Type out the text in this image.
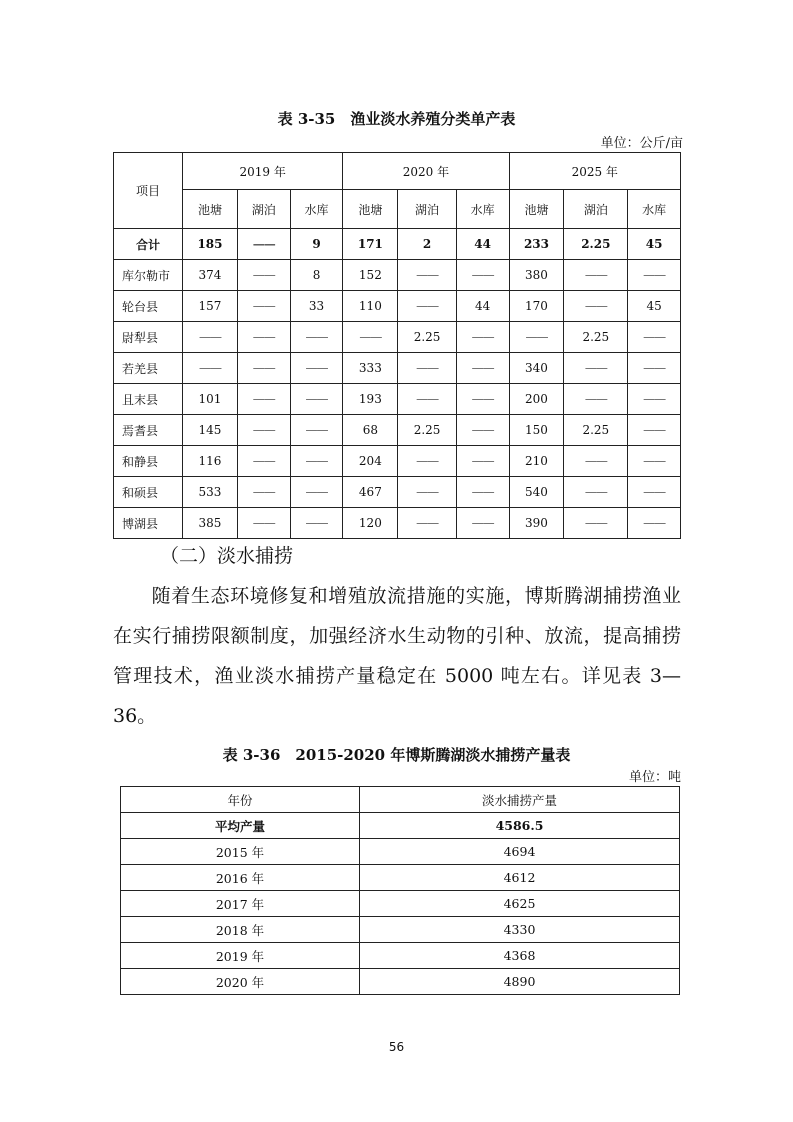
表 3-35　渔业淡水养殖分类单产表
单位：公斤/亩
项目	2019 年			2020 年			2025 年		
	池塘	湖泊	水库	池塘	湖泊	水库	池塘	湖泊	水库
合计	185	——	9	171	2	44	233	2.25	45
库尔勒市	374	——	8	152	——	——	380	——	——
轮台县	157	——	33	110	——	44	170	——	45
尉犁县	——	——	——	——	2.25	——	——	2.25	——
若羌县	——	——	——	333	——	——	340	——	——
且末县	101	——	——	193	——	——	200	——	——
焉耆县	145	——	——	68	2.25	——	150	2.25	——
和静县	116	——	——	204	——	——	210	——	——
和硕县	533	——	——	467	——	——	540	——	——
博湖县	385	——	——	120	——	——	390	——	——
（二）淡水捕捞
随着生态环境修复和增殖放流措施的实施，博斯腾湖捕捞渔业在实行捕捞限额制度，加强经济水生动物的引种、放流，提高捕捞管理技术，渔业淡水捕捞产量稳定在 5000 吨左右。详见表 3—36。
表 3-36　2015-2020 年博斯腾湖淡水捕捞产量表
单位：吨
年份	淡水捕捞产量
平均产量	4586.5
2015 年	4694
2016 年	4612
2017 年	4625
2018 年	4330
2019 年	4368
2020 年	4890
56
